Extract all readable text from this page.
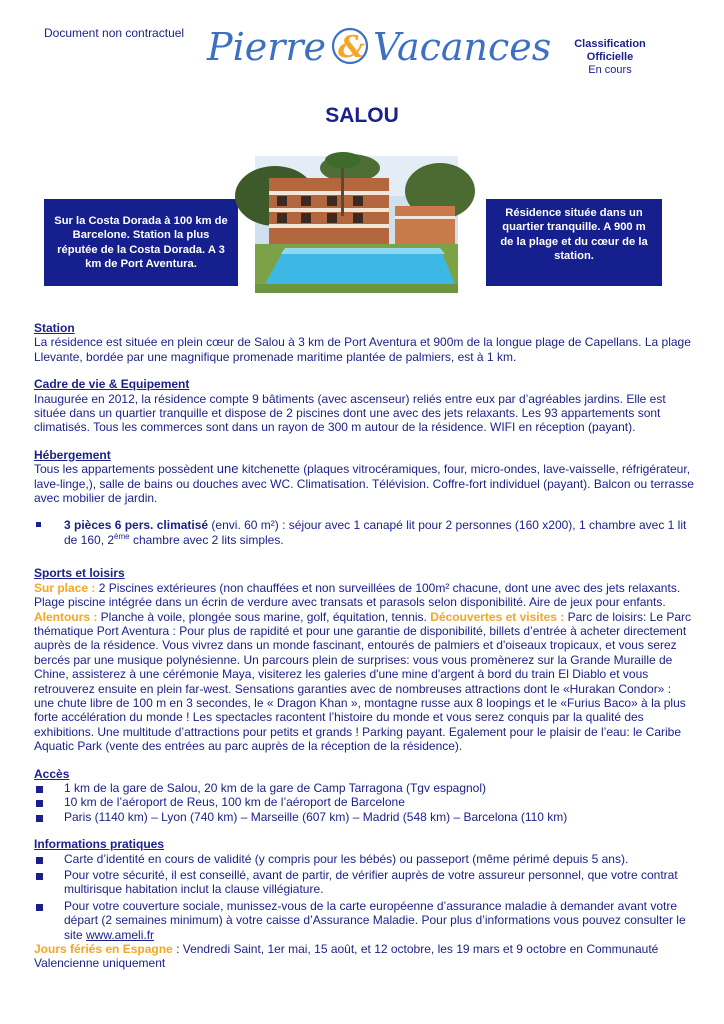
Document non contractuel Pierre & Vacances	Classification
Officielle
En cours
SALOU
Sur la Costa Dorada à 100 km de Barcelone. Station la plus réputée de la Costa Dorada. A 3 km de Port Aventura.
Résidence située dans un quartier tranquille. A 900 m de la plage et du cœur de la station.

Station

La résidence est située en plein cœur de Salou à 3 km de Port Aventura et 900m de la longue plage de Capellans. La plage Llevante, bordée par une magnifique promenade maritime plantée de palmiers, est à 1 km.

Cadre de vie & Equipement

Inaugurée en 2012, la résidence compte 9 bâtiments (avec ascenseur) reliés entre eux par d’agréables jardins. Elle est située dans un quartier tranquille et dispose de 2 piscines dont une avec des jets relaxants. Les 93 appartements sont climatisés. Tous les commerces sont dans un rayon de 300 m autour de la résidence. WIFI en réception (payant).

Hébergement

Tous les appartements possèdent une kitchenette (plaques vitrocéramiques, four, micro-ondes, lave-vaisselle, réfrigérateur, lave-linge,), salle de bains ou douches avec WC. Climatisation. Télévision. Coffre-fort individuel (payant). Balcon ou terrasse avec mobilier de jardin.

3 pièces 6 pers. climatisé (envi. 60 m²) : séjour avec 1 canapé lit pour 2 personnes (160 x200), 1 chambre avec 1 lit de 160, 2ème chambre avec 2 lits simples.

Sports et loisirs

Sur place : 2 Piscines extérieures (non chauffées et non surveillées de 100m² chacune, dont une avec des jets relaxants. Plage piscine intégrée dans un écrin de verdure avec transats et parasols selon disponibilité. Aire de jeux pour enfants. Alentours : Planche à voile, plongée sous marine, golf, équitation, tennis. Découvertes et visites : Parc de loisirs: Le Parc thématique Port Aventura : Pour plus de rapidité et pour une garantie de disponibilité, billets d’entrée à acheter directement auprès de la résidence. Vous vivrez dans un monde fascinant, entourés de palmiers et d'oiseaux tropicaux, et vous serez bercés par une musique polynésienne. Un parcours plein de surprises: vous vous promènerez sur la Grande Muraille de Chine, assisterez à une cérémonie Maya, visiterez les galeries d'une mine d'argent à bord du train El Diablo et vous retrouverez ensuite en plein far-west. Sensations garanties avec de nombreuses attractions dont le «Hurakan Condor» : une chute libre de 100 m en 3 secondes, le « Dragon Khan », montagne russe aux 8 loopings et le «Furius Baco» à la plus forte accélération du monde ! Les spectacles racontent l’histoire du monde et vous serez conquis par la qualité des exhibitions. Une multitude d’attractions pour petits et grands ! Parking payant. Egalement pour le plaisir de l’eau: le Caribe Aquatic Park (vente des entrées au parc auprès de la réception de la résidence).

Accès

1 km de la gare de Salou, 20 km de la gare de Camp Tarragona (Tgv espagnol)

10 km de l’aéroport de Reus, 100 km de l’aéroport de Barcelone

Paris (1140 km) – Lyon (740 km) – Marseille (607 km) – Madrid (548 km) – Barcelona (110 km)

Informations pratiques

Carte d’identité en cours de validité (y compris pour les bébés) ou passeport (même périmé depuis 5 ans).

Pour votre sécurité, il est conseillé, avant de partir, de vérifier auprès de votre assureur personnel, que votre contrat multirisque habitation inclut la clause villégiature.

Pour votre couverture sociale, munissez-vous de la carte européenne d’assurance maladie à demander avant votre départ (2 semaines minimum) à votre caisse d’Assurance Maladie. Pour plus d’informations vous pouvez consulter le site www.ameli.fr

Jours fériés en Espagne : Vendredi Saint, 1er mai, 15 août, et 12 octobre, les 19 mars et 9 octobre en Communauté Valencienne uniquement
